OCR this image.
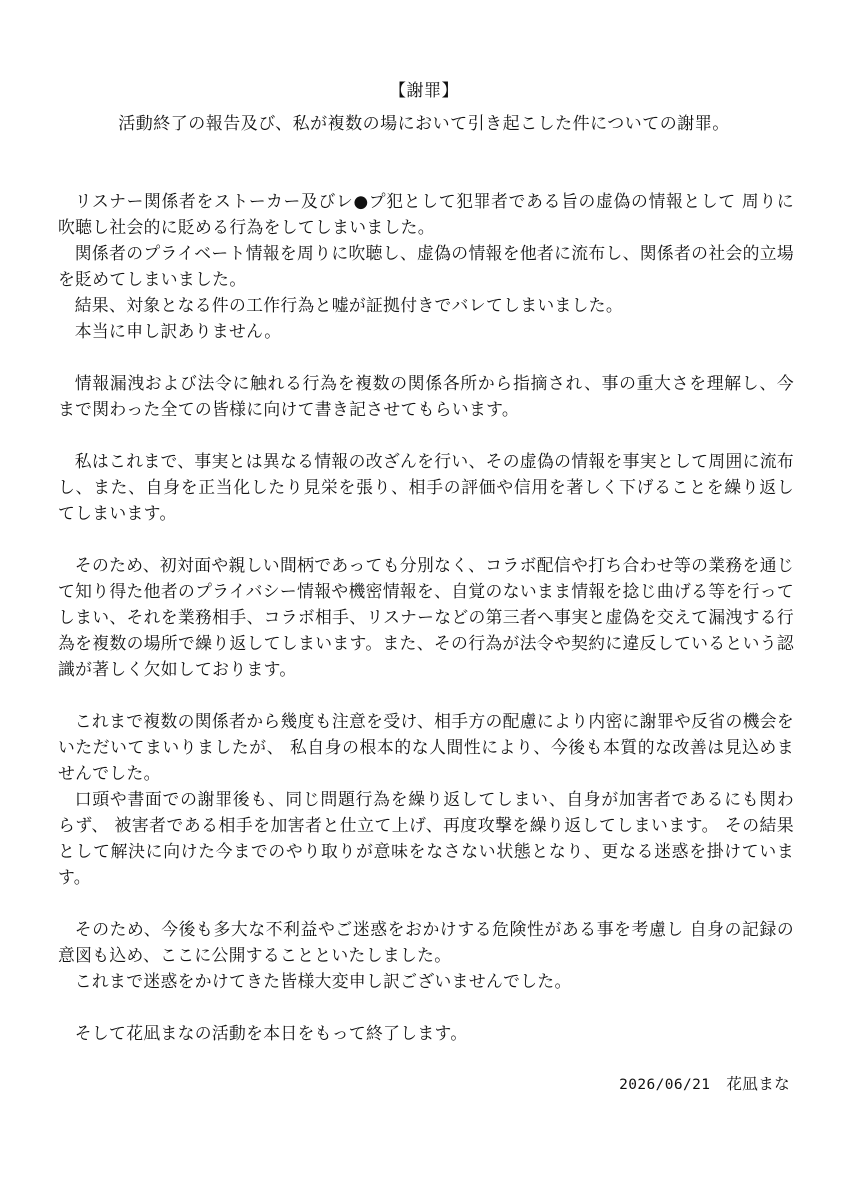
【謝罪】
活動終了の報告及び、私が複数の場において引き起こした件についての謝罪。

リスナー関係者をストーカー及びレ●プ犯として犯罪者である旨の虚偽の情報として 周りに吹聴し社会的に貶める行為をしてしまいました。

関係者のプライベート情報を周りに吹聴し、虚偽の情報を他者に流布し、関係者の社会的立場を貶めてしまいました。

結果、対象となる件の工作行為と嘘が証拠付きでバレてしまいました。

本当に申し訳ありません。

情報漏洩および法令に触れる行為を複数の関係各所から指摘され、事の重大さを理解し、今まで関わった全ての皆様に向けて書き記させてもらいます。

私はこれまで、事実とは異なる情報の改ざんを行い、その虚偽の情報を事実として周囲に流布し、また、自身を正当化したり見栄を張り、相手の評価や信用を著しく下げることを繰り返してしまいます。

そのため、初対面や親しい間柄であっても分別なく、コラボ配信や打ち合わせ等の業務を通じて知り得た他者のプライバシー情報や機密情報を、自覚のないまま情報を捻じ曲げる等を行ってしまい、それを業務相手、コラボ相手、リスナーなどの第三者へ事実と虚偽を交えて漏洩する行為を複数の場所で繰り返してしまいます。また、その行為が法令や契約に違反しているという認識が著しく欠如しております。

これまで複数の関係者から幾度も注意を受け、相手方の配慮により内密に謝罪や反省の機会をいただいてまいりましたが、 私自身の根本的な人間性により、今後も本質的な改善は見込めませんでした。

口頭や書面での謝罪後も、同じ問題行為を繰り返してしまい、自身が加害者であるにも関わらず、 被害者である相手を加害者と仕立て上げ、再度攻撃を繰り返してしまいます。 その結果として解決に向けた今までのやり取りが意味をなさない状態となり、更なる迷惑を掛けています。

そのため、今後も多大な不利益やご迷惑をおかけする危険性がある事を考慮し 自身の記録の意図も込め、ここに公開することといたしました。

これまで迷惑をかけてきた皆様大変申し訳ございませんでした。

そして花凪まなの活動を本日をもって終了します。

2026/06/21 花凪まな
